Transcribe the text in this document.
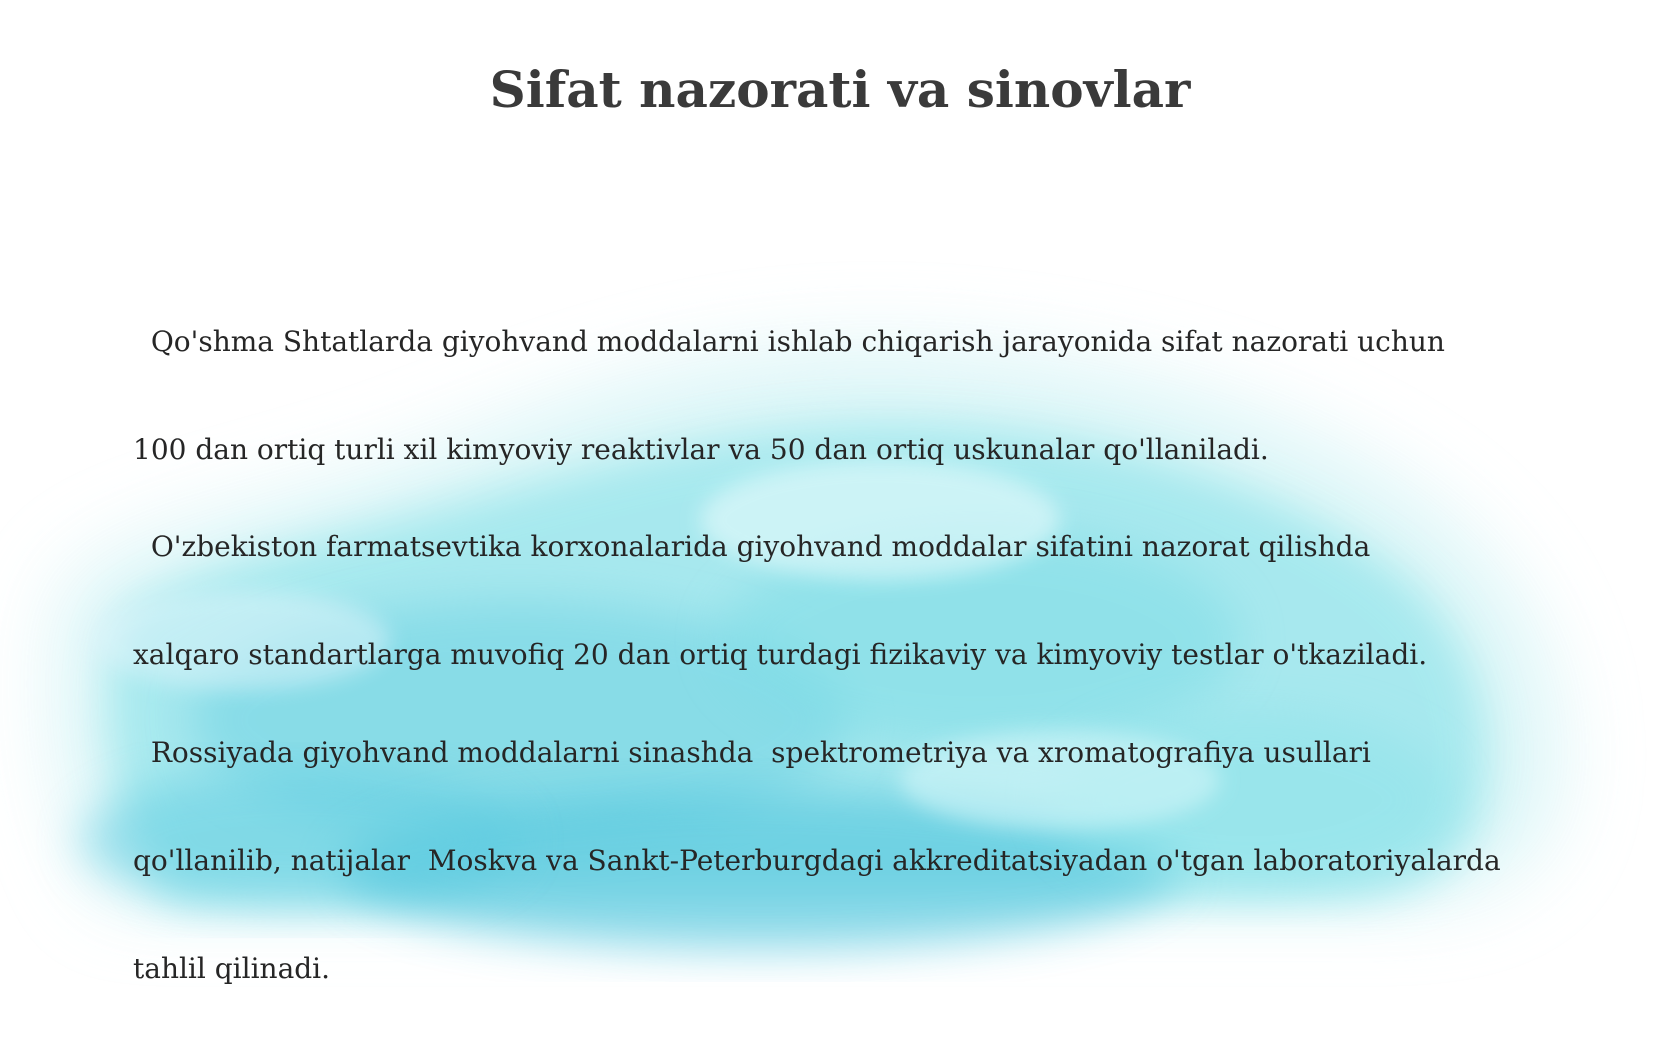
Sifat nazorati va sinovlar

Qo'shma Shtatlarda giyohvand moddalarni ishlab chiqarish jarayonida sifat nazorati uchun

100 dan ortiq turli xil kimyoviy reaktivlar va 50 dan ortiq uskunalar qo'llaniladi.

O'zbekiston farmatsevtika korxonalarida giyohvand moddalar sifatini nazorat qilishda

xalqaro standartlarga muvofiq 20 dan ortiq turdagi fizikaviy va kimyoviy testlar o'tkaziladi.

Rossiyada giyohvand moddalarni sinashda  spektrometriya va xromatografiya usullari

qo'llanilib, natijalar  Moskva va Sankt-Peterburgdagi akkreditatsiyadan o'tgan laboratoriyalarda

tahlil qilinadi.
